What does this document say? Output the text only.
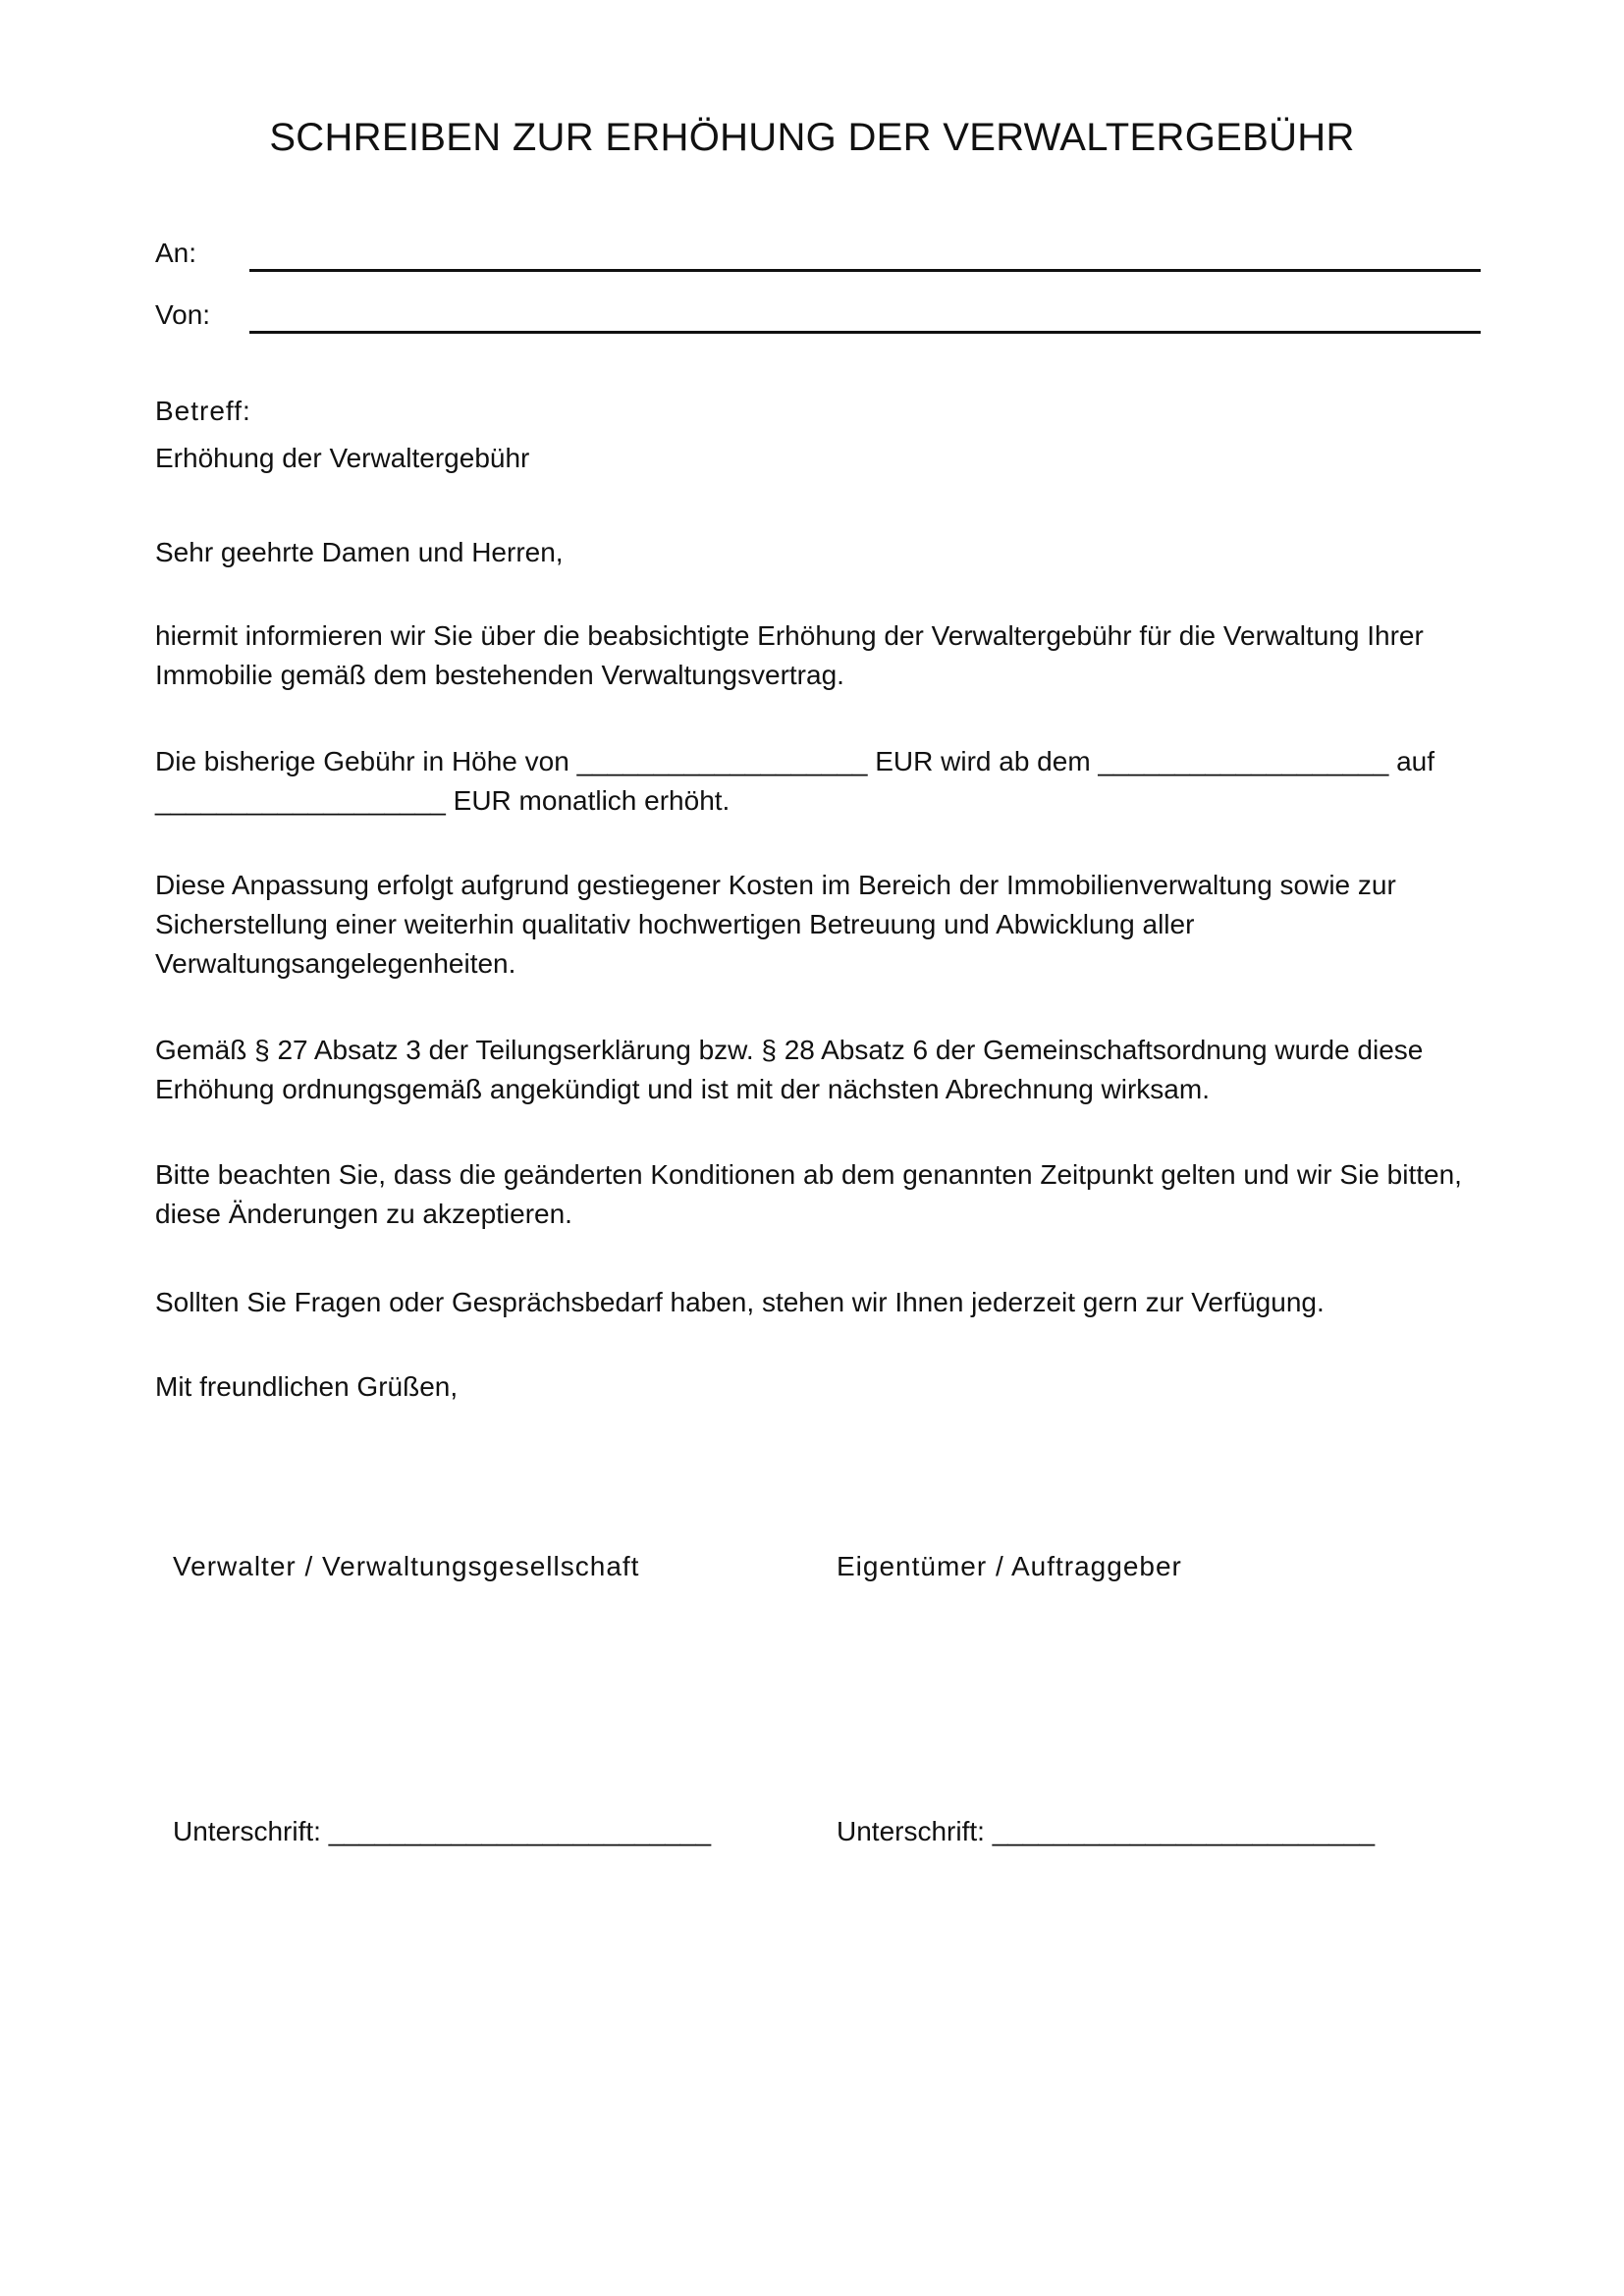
SCHREIBEN ZUR ERHÖHUNG DER VERWALTERGEBÜHR
An:
Von:
Betreff:
Erhöhung der Verwaltergebühr
Sehr geehrte Damen und Herren,
hiermit informieren wir Sie über die beabsichtigte Erhöhung der Verwaltergebühr für die Verwaltung Ihrer Immobilie gemäß dem bestehenden Verwaltungsvertrag.
Die bisherige Gebühr in Höhe von ___________________ EUR wird ab dem ___________________ auf
___________________ EUR monatlich erhöht.
Diese Anpassung erfolgt aufgrund gestiegener Kosten im Bereich der Immobilienverwaltung sowie zur Sicherstellung einer weiterhin qualitativ hochwertigen Betreuung und Abwicklung aller Verwaltungsangelegenheiten.
Gemäß § 27 Absatz 3 der Teilungserklärung bzw. § 28 Absatz 6 der Gemeinschaftsordnung wurde diese Erhöhung ordnungsgemäß angekündigt und ist mit der nächsten Abrechnung wirksam.
Bitte beachten Sie, dass die geänderten Konditionen ab dem genannten Zeitpunkt gelten und wir Sie bitten, diese Änderungen zu akzeptieren.
Sollten Sie Fragen oder Gesprächsbedarf haben, stehen wir Ihnen jederzeit gern zur Verfügung.
Mit freundlichen Grüßen,
Verwalter / Verwaltungsgesellschaft	Eigentümer / Auftraggeber
Unterschrift: _________________________	Unterschrift: _________________________
